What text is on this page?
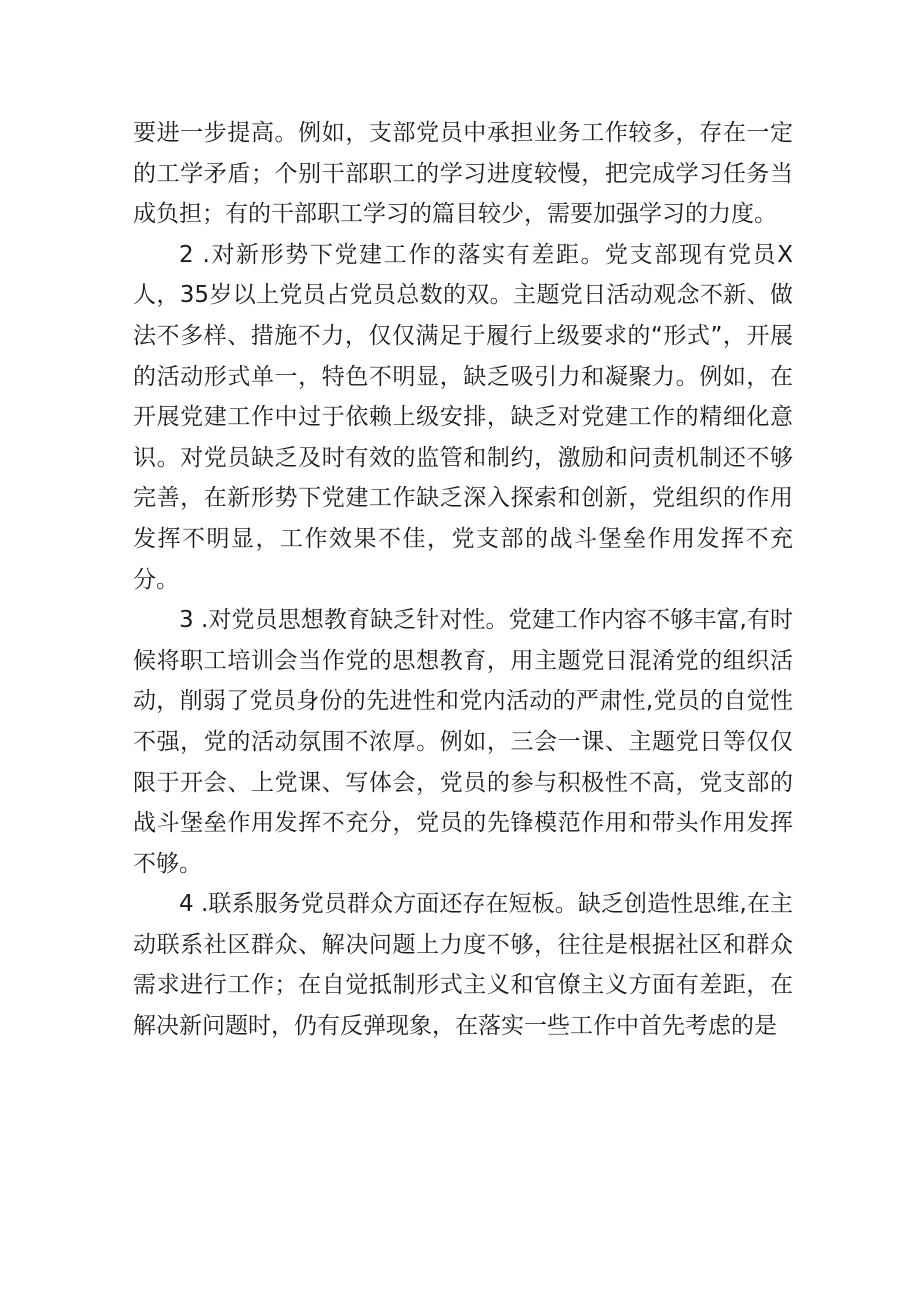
要进一步提高。例如，支部党员中承担业务工作较多，存在一定的工学矛盾；个别干部职工的学习进度较慢，把完成学习任务当成负担；有的干部职工学习的篇目较少，需要加强学习的力度。

2 .对新形势下党建工作的落实有差距。党支部现有党员X人，35岁以上党员占党员总数的双。主题党日活动观念不新、做法不多样、措施不力，仅仅满足于履行上级要求的“形式”，开展的活动形式单一，特色不明显，缺乏吸引力和凝聚力。例如，在开展党建工作中过于依赖上级安排，缺乏对党建工作的精细化意识。对党员缺乏及时有效的监管和制约，激励和问责机制还不够完善，在新形势下党建工作缺乏深入探索和创新，党组织的作用发挥不明显，工作效果不佳，党支部的战斗堡垒作用发挥不充分。

3 .对党员思想教育缺乏针对性。党建工作内容不够丰富,有时候将职工培训会当作党的思想教育，用主题党日混淆党的组织活动，削弱了党员身份的先进性和党内活动的严肃性,党员的自觉性不强，党的活动氛围不浓厚。例如，三会一课、主题党日等仅仅限于开会、上党课、写体会，党员的参与积极性不高，党支部的战斗堡垒作用发挥不充分，党员的先锋模范作用和带头作用发挥不够。

4 .联系服务党员群众方面还存在短板。缺乏创造性思维,在主动联系社区群众、解决问题上力度不够，往往是根据社区和群众需求进行工作；在自觉抵制形式主义和官僚主义方面有差距，在解决新问题时，仍有反弹现象，在落实一些工作中首先考虑的是
